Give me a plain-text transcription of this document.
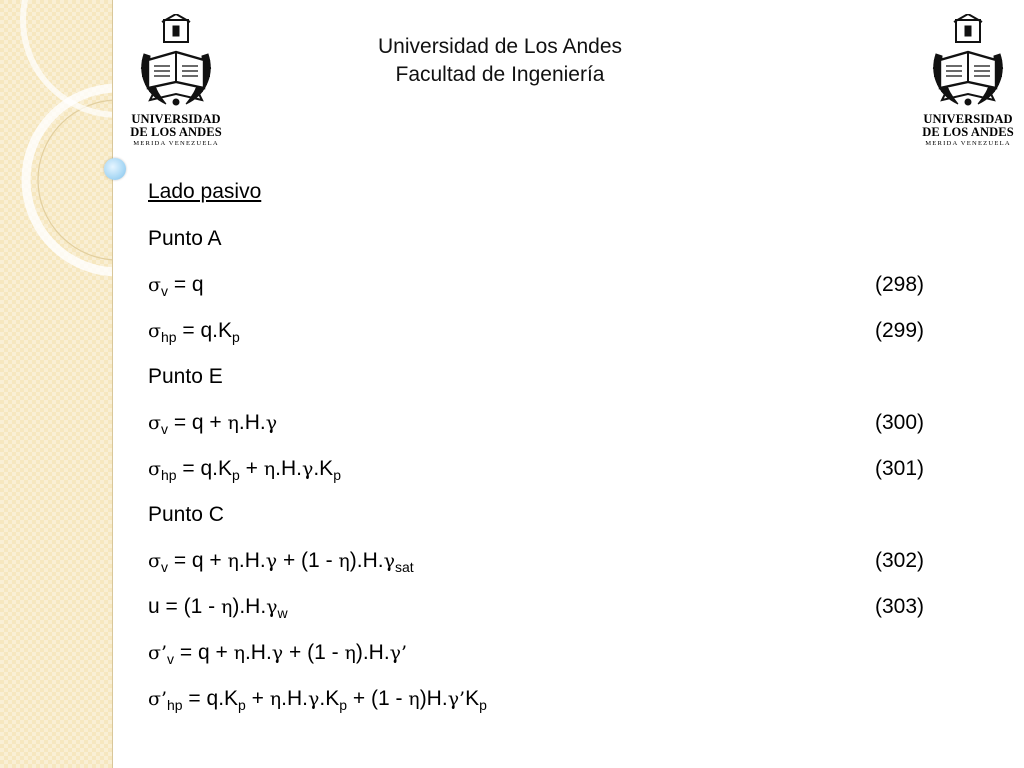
UNIVERSIDAD
DE LOS ANDES
MERIDA VENEZUELA
UNIVERSIDAD
DE LOS ANDES
MERIDA VENEZUELA
Universidad de Los Andes
Facultad de Ingeniería
Lado pasivo
Punto A
$\sigma_v = q$	(298)
$\sigma_{hp} = q.K_p$	(299)
Punto E
$\sigma_v = q + \eta.H.\gamma$	(300)
$\sigma_{hp} = q.K_p + \eta.H.\gamma.K_p$	(301)
Punto C
$\sigma_v = q + \eta.H.\gamma + (1 - \eta).H.\gamma_{sat}$	(302)
$u = (1 - \eta).H.\gamma_w$	(303)
$\sigma’_v = q + \eta.H.\gamma + (1 - \eta).H.\gamma$’
$\sigma’_{hp} = q.K_p + \eta.H.\gamma.K_p + (1$ - $\eta)H.\gamma’K_p$
